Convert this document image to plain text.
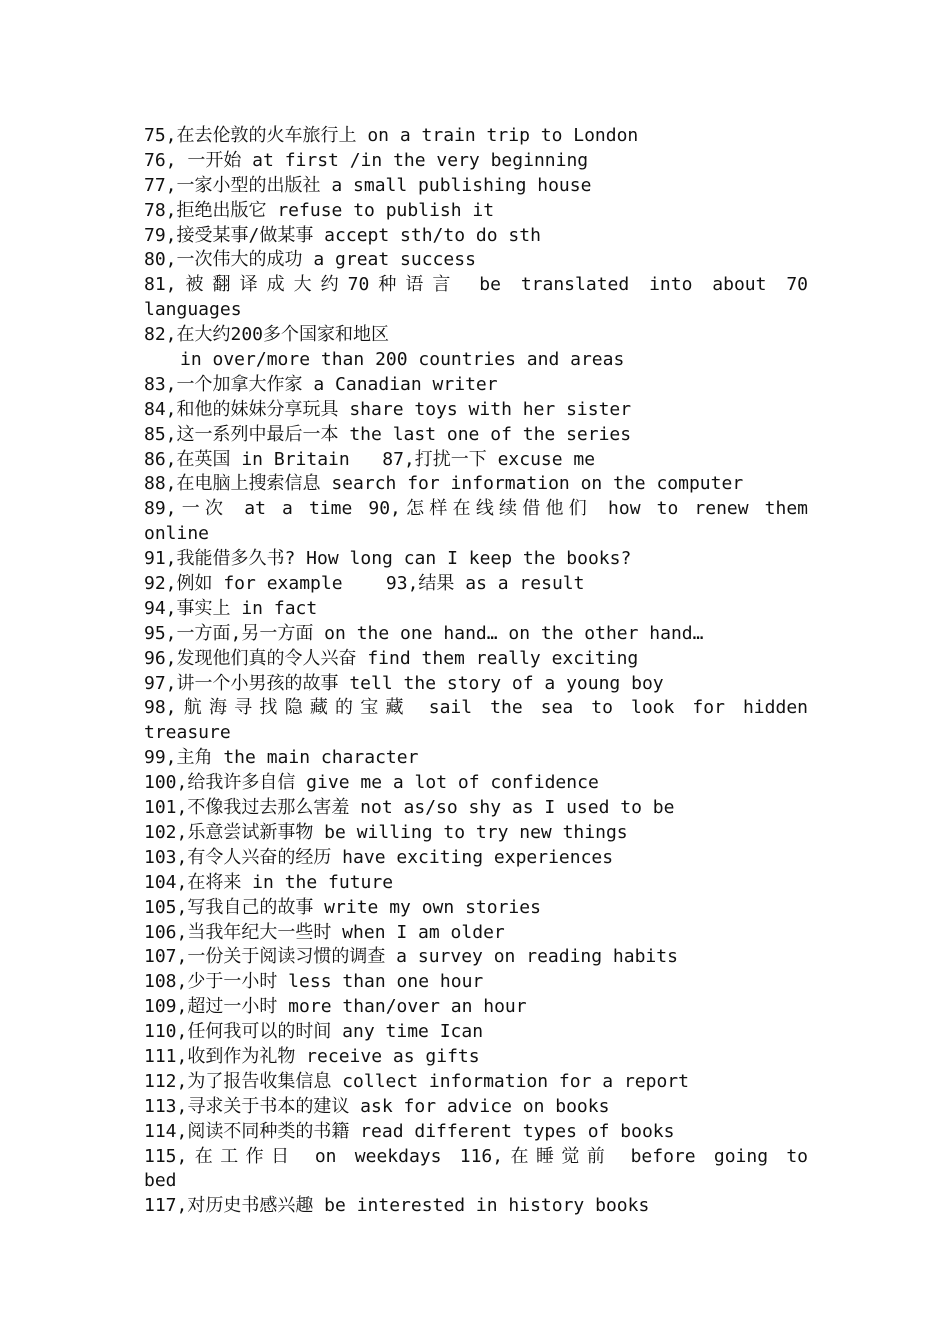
75,在去伦敦的火车旅行上 on a train trip to London
76, 一开始 at first /in the very beginning
77,一家小型的出版社 a small publishing house
78,拒绝出版它 refuse to publish it
79,接受某事/做某事 accept sth/to do sth
80,一次伟大的成功 a great success
81,被翻译成大约70种语言 be translated into about 70
languages
82,在大约200多个国家和地区
in over/more than 200 countries and areas
83,一个加拿大作家 a Canadian writer
84,和他的妹妹分享玩具 share toys with her sister
85,这一系列中最后一本 the last one of the series
86,在英国 in Britain   87,打扰一下 excuse me
88,在电脑上搜索信息 search for information on the computer
89,一次 at a time 90,怎样在线续借他们 how to renew them
online
91,我能借多久书? How long can I keep the books?
92,例如 for example    93,结果 as a result
94,事实上 in fact
95,一方面,另一方面 on the one hand… on the other hand…
96,发现他们真的令人兴奋 find them really exciting
97,讲一个小男孩的故事 tell the story of a young boy
98,航海寻找隐藏的宝藏 sail the sea to look for hidden
treasure
99,主角 the main character
100,给我许多自信 give me a lot of confidence
101,不像我过去那么害羞 not as/so shy as I used to be
102,乐意尝试新事物 be willing to try new things
103,有令人兴奋的经历 have exciting experiences
104,在将来 in the future
105,写我自己的故事 write my own stories
106,当我年纪大一些时 when I am older
107,一份关于阅读习惯的调查 a survey on reading habits
108,少于一小时 less than one hour
109,超过一小时 more than/over an hour
110,任何我可以的时间 any time Ican
111,收到作为礼物 receive as gifts
112,为了报告收集信息 collect information for a report
113,寻求关于书本的建议 ask for advice on books
114,阅读不同种类的书籍 read different types of books
115,在工作日 on weekdays 116,在睡觉前 before going to
bed
117,对历史书感兴趣 be interested in history books
